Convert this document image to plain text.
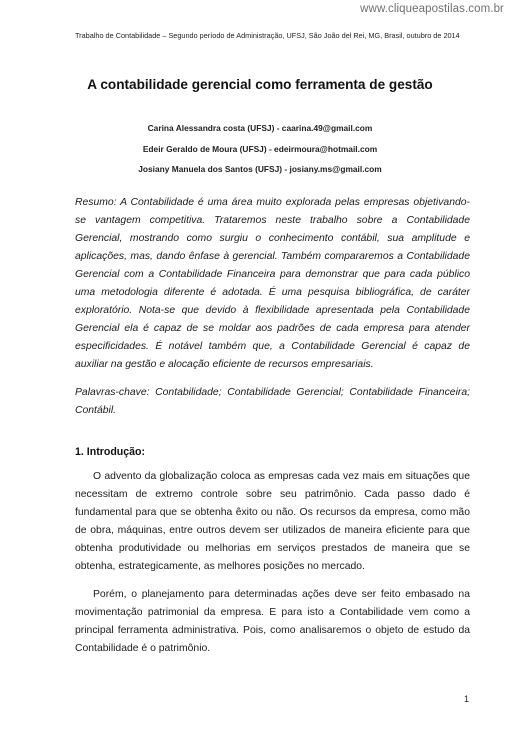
www.cliqueapostilas.com.br
Trabalho de Contabilidade – Segundo período de Administração, UFSJ, São João del Rei, MG, Brasil, outubro de 2014
A contabilidade gerencial como ferramenta de gestão
Carina Alessandra costa (UFSJ) - caarina.49@gmail.com
Edeir Geraldo de Moura (UFSJ) - edeirmoura@hotmail.com
Josiany Manuela dos Santos (UFSJ) - josiany.ms@gmail.com

Resumo: A Contabilidade é uma área muito explorada pelas empresas objetivando-se vantagem competitiva. Trataremos neste trabalho sobre a Contabilidade Gerencial, mostrando como surgiu o conhecimento contábil, sua amplitude e aplicações, mas, dando ênfase à gerencial. Também compararemos a Contabilidade Gerencial com a Contabilidade Financeira para demonstrar que para cada público uma metodologia diferente é adotada. É uma pesquisa bibliográfica, de caráter exploratório. Nota-se que devido à flexibilidade apresentada pela Contabilidade Gerencial ela é capaz de se moldar aos padrões de cada empresa para atender especificidades. É notável também que, a Contabilidade Gerencial é capaz de auxiliar na gestão e alocação eficiente de recursos empresariais.

Palavras-chave: Contabilidade; Contabilidade Gerencial; Contabilidade Financeira; Contábil.

1. Introdução:

O advento da globalização coloca as empresas cada vez mais em situações que necessitam de extremo controle sobre seu patrimônio. Cada passo dado é fundamental para que se obtenha êxito ou não. Os recursos da empresa, como mão de obra, máquinas, entre outros devem ser utilizados de maneira eficiente para que obtenha produtividade ou melhorias em serviços prestados de maneira que se obtenha, estrategicamente, as melhores posições no mercado.

Porém, o planejamento para determinadas ações deve ser feito embasado na movimentação patrimonial da empresa. E para isto a Contabilidade vem como a principal ferramenta administrativa. Pois, como analisaremos o objeto de estudo da Contabilidade é o patrimônio.

1
